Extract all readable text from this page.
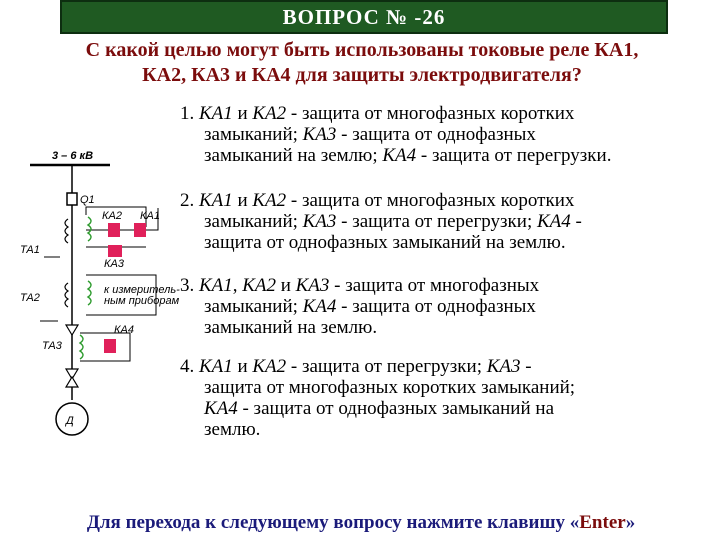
ВОПРОС № -26
С какой целью могут быть использованы токовые реле КА1,
КА2, КА3 и КА4 для защиты электродвигателя?
1. КА1 и КА2 - защита от многофазных коротких
замыканий; КА3 - защита от однофазных
замыканий на землю; КА4 - защита от перегрузки.
2. КА1 и КА2 - защита от многофазных коротких
замыканий; КА3 - защита от перегрузки; КА4 -
защита от однофазных замыканий на землю.
3. КА1, КА2 и КА3 - защита от многофазных
замыканий; КА4 - защита от однофазных
замыканий на землю.
4. КА1 и КА2 - защита от перегрузки; КА3 -
защита от многофазных коротких замыканий;
КА4 - защита от однофазных замыканий на
землю.
3 – 6 кВ
Q1
ТА1
ТА2
КА2 КА1
КА3
к измеритель-
ным приборам
ТА3
КА4
Д
Для перехода к следующему вопросу нажмите клавишу «Enter»
